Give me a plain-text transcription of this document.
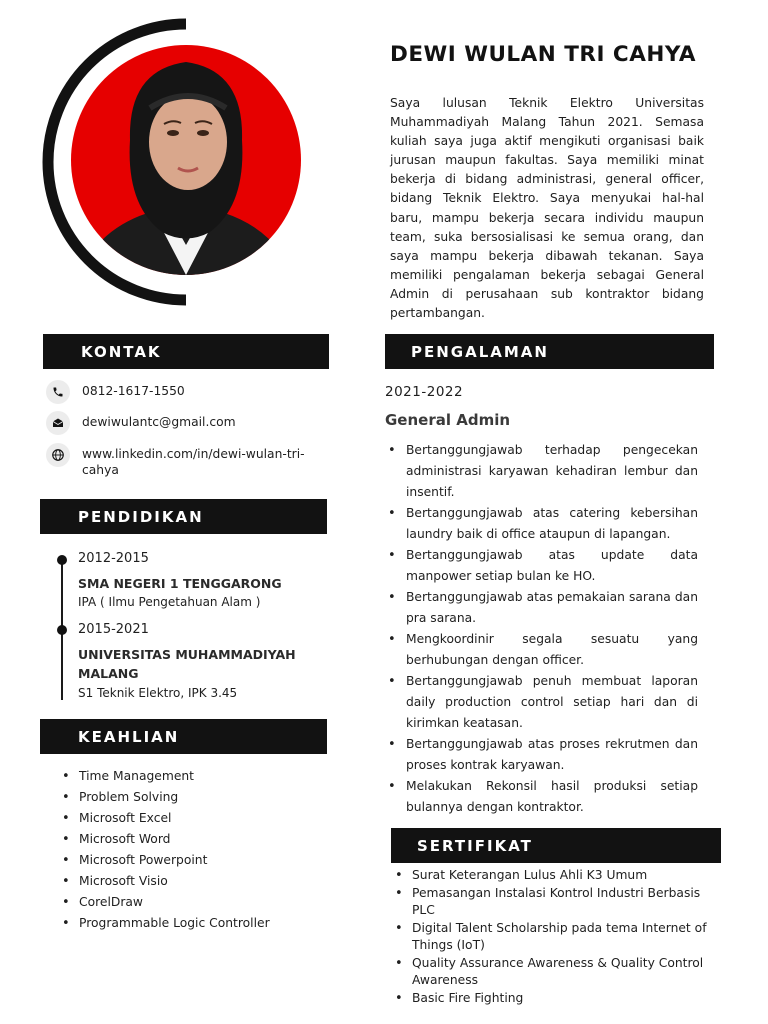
DEWI WULAN TRI CAHYA
Saya lulusan Teknik Elektro Universitas Muhammadiyah Malang Tahun 2021. Semasa kuliah saya juga aktif mengikuti organisasi baik jurusan maupun fakultas. Saya memiliki minat bekerja di bidang administrasi, general officer, bidang Teknik Elektro. Saya menyukai hal-hal baru, mampu bekerja secara individu maupun team, suka bersosialisasi ke semua orang, dan saya mampu bekerja dibawah tekanan. Saya memiliki pengalaman bekerja sebagai General Admin di perusahaan sub kontraktor bidang pertambangan.
KONTAK
0812-1617-1550
dewiwulantc@gmail.com
www.linkedin.com/in/dewi-wulan-tri-cahya
PENDIDIKAN
2012-2015
SMA NEGERI 1 TENGGARONG
IPA ( Ilmu Pengetahuan Alam )
2015-2021
UNIVERSITAS MUHAMMADIYAH MALANG
S1 Teknik Elektro, IPK 3.45
KEAHLIAN
• Time Management
• Problem Solving
• Microsoft Excel
• Microsoft Word
• Microsoft Powerpoint
• Microsoft Visio
• CorelDraw
• Programmable Logic Controller
PENGALAMAN
2021-2022
General Admin
• Bertanggungjawab terhadap pengecekan administrasi karyawan kehadiran lembur dan insentif.
• Bertanggungjawab atas catering kebersihan laundry baik di office ataupun di lapangan.
• Bertanggungjawab atas update data manpower setiap bulan ke HO.
• Bertanggungjawab atas pemakaian sarana dan pra sarana.
• Mengkoordinir segala sesuatu yang berhubungan dengan officer.
• Bertanggungjawab penuh membuat laporan daily production control setiap hari dan di kirimkan keatasan.
• Bertanggungjawab atas proses rekrutmen dan proses kontrak karyawan.
• Melakukan Rekonsil hasil produksi setiap bulannya dengan kontraktor.
SERTIFIKAT
• Surat Keterangan Lulus Ahli K3 Umum
• Pemasangan Instalasi Kontrol Industri Berbasis PLC
• Digital Talent Scholarship pada tema Internet of Things (IoT)
• Quality Assurance Awareness & Quality Control Awareness
• Basic Fire Fighting
